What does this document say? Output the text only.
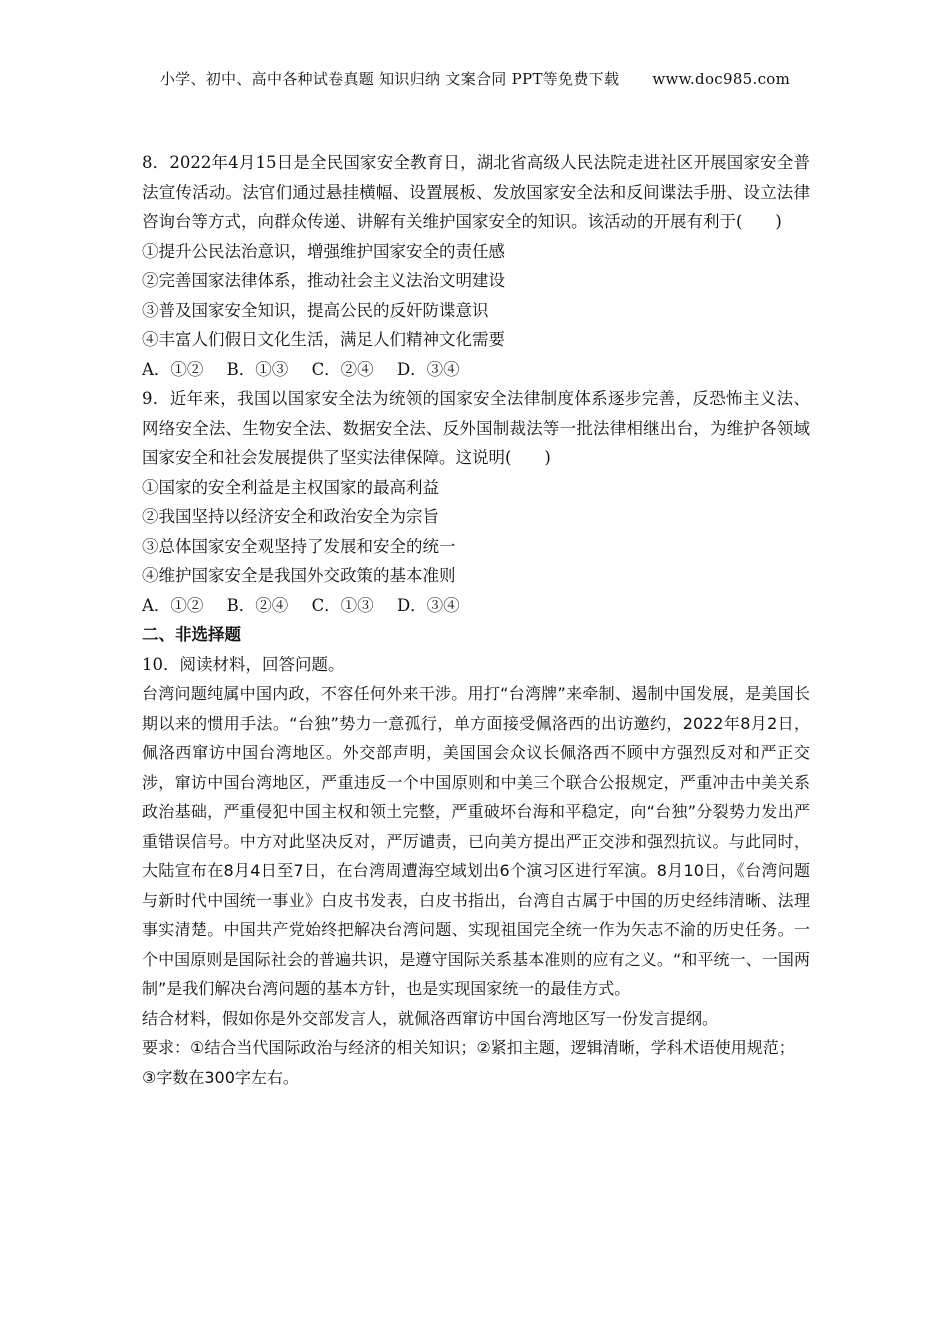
小学、初中、高中各种试卷真题 知识归纳 文案合同 PPT等免费下载 www.doc985.com
8．2022年4月15日是全民国家安全教育日，湖北省高级人民法院走进社区开展国家安全普法宣传活动。法官们通过悬挂横幅、设置展板、发放国家安全法和反间谍法手册、设立法律咨询台等方式，向群众传递、讲解有关维护国家安全的知识。该活动的开展有利于(　　)
①提升公民法治意识，增强维护国家安全的责任感
②完善国家法律体系，推动社会主义法治文明建设
③普及国家安全知识，提高公民的反奸防谍意识
④丰富人们假日文化生活，满足人们精神文化需要
A．①② B．①③ C．②④ D．③④
9．近年来，我国以国家安全法为统领的国家安全法律制度体系逐步完善，反恐怖主义法、网络安全法、生物安全法、数据安全法、反外国制裁法等一批法律相继出台，为维护各领域国家安全和社会发展提供了坚实法律保障。这说明(　　)
①国家的安全利益是主权国家的最高利益
②我国坚持以经济安全和政治安全为宗旨
③总体国家安全观坚持了发展和安全的统一
④维护国家安全是我国外交政策的基本准则
A．①② B．②④ C．①③ D．③④
二、非选择题
10．阅读材料，回答问题。

台湾问题纯属中国内政，不容任何外来干涉。用打“台湾牌”来牵制、遏制中国发展，是美国长期以来的惯用手法。“台独”势力一意孤行，单方面接受佩洛西的出访邀约，2022年8月2日，佩洛西窜访中国台湾地区。外交部声明，美国国会众议长佩洛西不顾中方强烈反对和严正交涉，窜访中国台湾地区，严重违反一个中国原则和中美三个联合公报规定，严重冲击中美关系政治基础，严重侵犯中国主权和领土完整，严重破坏台海和平稳定，向“台独”分裂势力发出严重错误信号。中方对此坚决反对，严厉谴责，已向美方提出严正交涉和强烈抗议。与此同时，大陆宣布在8月4日至7日，在台湾周遭海空域划出6个演习区进行军演。8月10日，《台湾问题与新时代中国统一事业》白皮书发表，白皮书指出，台湾自古属于中国的历史经纬清晰、法理事实清楚。中国共产党始终把解决台湾问题、实现祖国完全统一作为矢志不渝的历史任务。一个中国原则是国际社会的普遍共识，是遵守国际关系基本准则的应有之义。“和平统一、一国两制”是我们解决台湾问题的基本方针，也是实现国家统一的最佳方式。

结合材料，假如你是外交部发言人，就佩洛西窜访中国台湾地区写一份发言提纲。
要求：①结合当代国际政治与经济的相关知识；②紧扣主题，逻辑清晰，学科术语使用规范；
③字数在300字左右。
